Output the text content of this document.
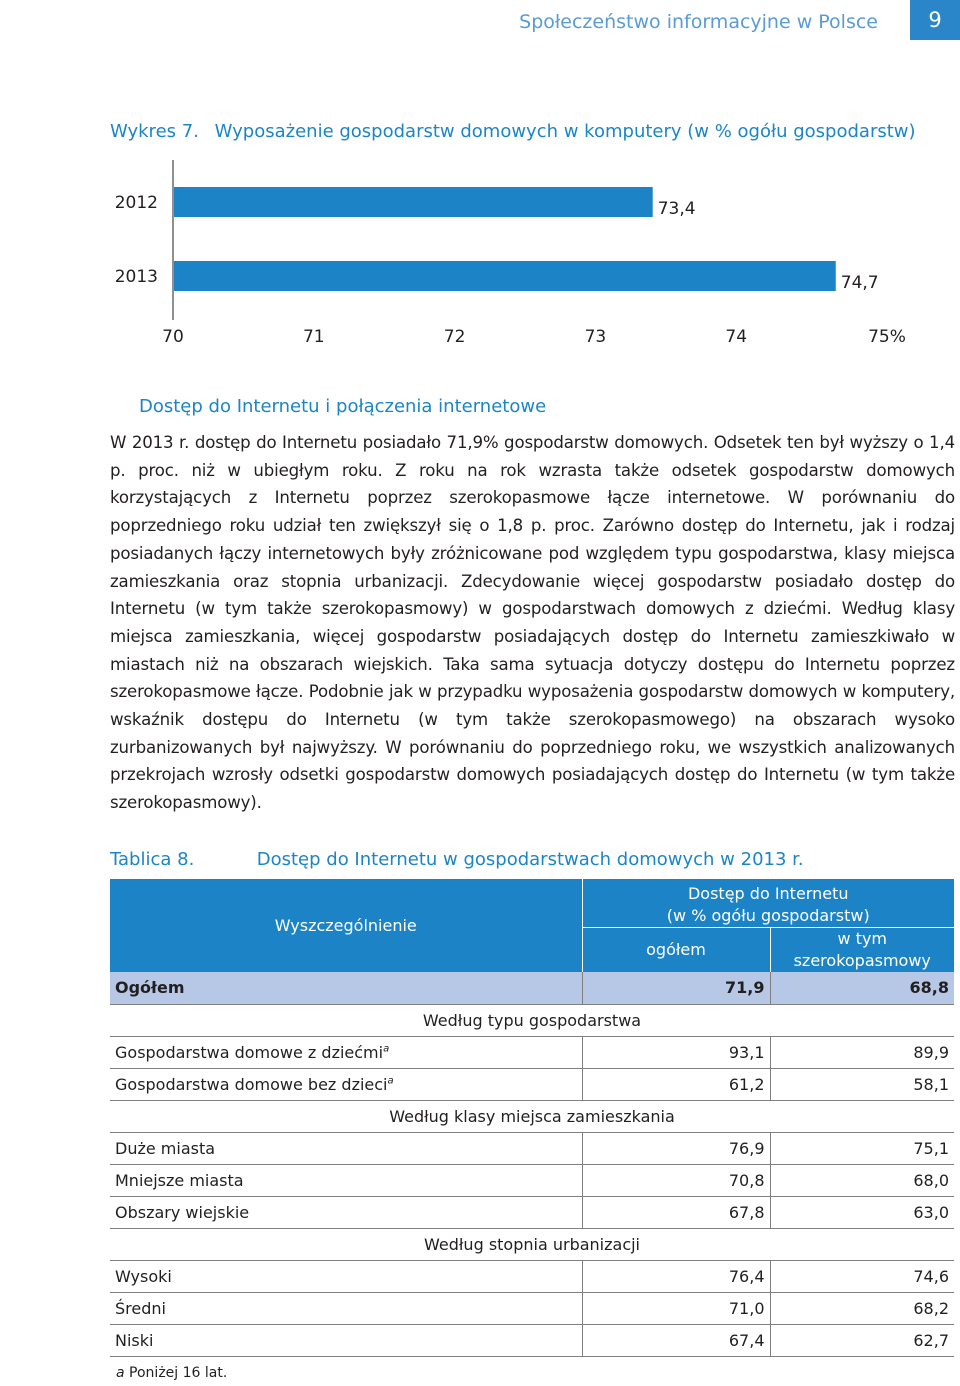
Społeczeństwo informacyjne w Polsce	9
Wykres 7. Wyposażenie gospodarstw domowych w komputery (w % ogółu gospodarstw)
2012	73,4
2013	74,7
70	71	72	73	74	75%
Dostęp do Internetu i połączenia internetowe

W 2013 r. dostęp do Internetu posiadało 71,9% gospodarstw domowych. Odsetek ten był wyższy o 1,4 p. proc. niż w ubiegłym roku. Z roku na rok wzrasta także odsetek gospodarstw domowych korzystających z Internetu poprzez szerokopasmowe łącze internetowe. W porównaniu do poprzedniego roku udział ten zwiększył się o 1,8 p. proc. Zarówno dostęp do Internetu, jak i rodzaj posiadanych łączy internetowych były zróżnicowane pod względem typu gospodarstwa, klasy miejsca zamieszkania oraz stopnia urbanizacji. Zdecydowanie więcej gospodarstw posiadało dostęp do Internetu (w tym także szerokopasmowy) w gospodarstwach domowych z dziećmi. Według klasy miejsca zamieszkania, więcej gospodarstw posiadających dostęp do Internetu zamieszkiwało w miastach niż na obszarach wiejskich. Taka sama sytuacja dotyczy dostępu do Internetu poprzez szerokopasmowe łącze. Podobnie jak w przypadku wyposażenia gospodarstw domowych w komputery, wskaźnik dostępu do Internetu (w tym także szerokopasmowego) na obszarach wysoko zurbanizowanych był najwyższy. W porównaniu do poprzedniego roku, we wszystkich analizowanych przekrojach wzrosły odsetki gospodarstw domowych posiadających dostęp do Internetu (w tym także szerokopasmowy).

Tablica 8.	Dostęp do Internetu w gospodarstwach domowych w 2013 r.
Wyszczególnienie	Dostęp do Internetu
(w % ogółu gospodarstw)	
	ogółem	w tym
szerokopasmowy
Ogółem	71,9	68,8
Według typu gospodarstwa		
Gospodarstwa domowe z dziećmi$^a$	93,1	89,9
Gospodarstwa domowe bez dzieci$^a$	61,2	58,1
Według klasy miejsca zamieszkania		
Duże miasta	76,9	75,1
Mniejsze miasta	70,8	68,0
Obszary wiejskie	67,8	63,0
Według stopnia urbanizacji		
Wysoki	76,4	74,6
Średni	71,0	68,2
Niski	67,4	62,7
a Poniżej 16 lat.
